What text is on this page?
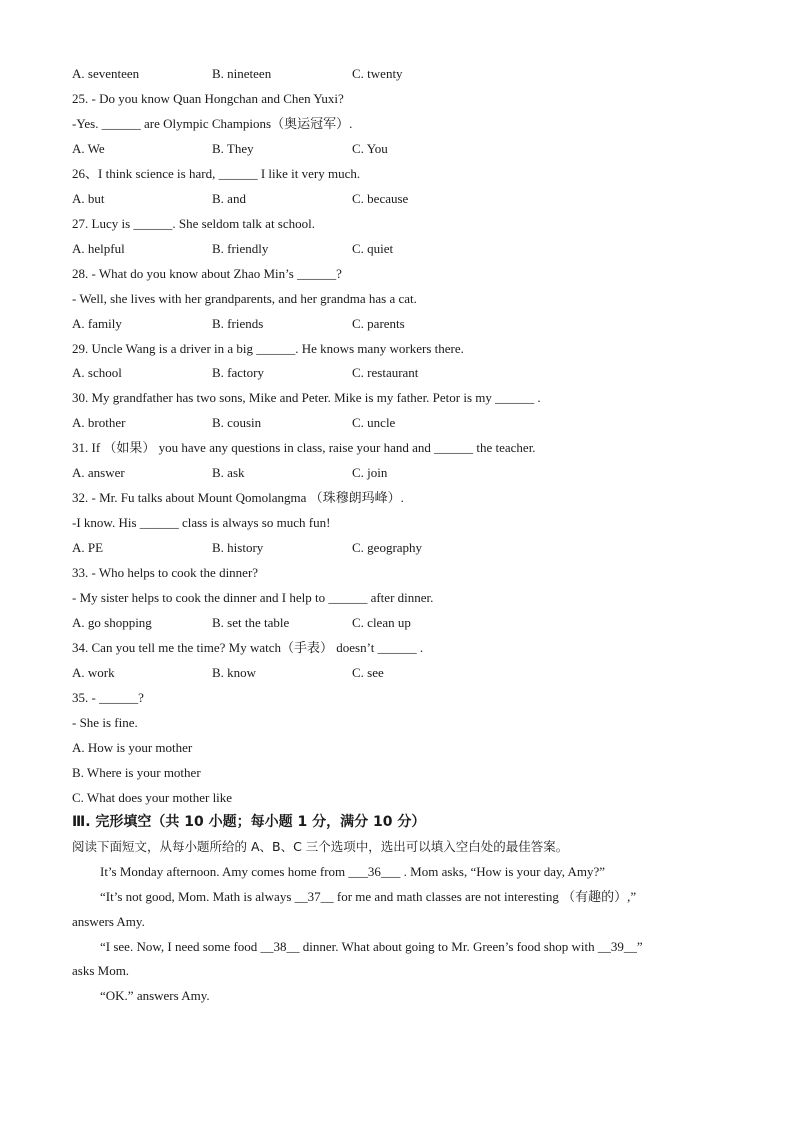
A. seventeen	B. nineteen	C. twenty
25. - Do you know Quan Hongchan and Chen Yuxi?
-Yes. ______ are Olympic Champions（奥运冠军）.
A. We	B. They	C. You
26、I think science is hard, ______ I like it very much.
A. but	B. and	C. because
27. Lucy is ______. She seldom talk at school.
A. helpful	B. friendly	C. quiet
28. - What do you know about Zhao Min’s ______?
- Well, she lives with her grandparents, and her grandma has a cat.
A. family	B. friends	C. parents
29. Uncle Wang is a driver in a big ______. He knows many workers there.
A. school	B. factory	C. restaurant
30. My grandfather has two sons, Mike and Peter. Mike is my father. Petor is my ______ .
A. brother	B. cousin	C. uncle
31. If （如果） you have any questions in class, raise your hand and ______ the teacher.
A. answer	B. ask	C. join
32. - Mr. Fu talks about Mount Qomolangma （珠穆朗玛峰）.
-I know. His ______ class is always so much fun!
A. PE	B. history	C. geography
33. - Who helps to cook the dinner?
- My sister helps to cook the dinner and I help to ______ after dinner.
A. go shopping	B. set the table	C. clean up
34. Can you tell me the time? My watch（手表） doesn’t ______ .
A. work	B. know	C. see
35. - ______?
- She is fine.
A. How is your mother
B. Where is your mother
C. What does your mother like
Ⅲ. 完形填空（共 10 小题；每小题 1 分，满分 10 分）
阅读下面短文，从每小题所给的 A、B、C 三个选项中，选出可以填入空白处的最佳答案。
It’s Monday afternoon. Amy comes home from ___36___ . Mom asks, “How is your day, Amy?”
“It’s not good, Mom. Math is always __37__ for me and math classes are not interesting （有趣的）,”
answers Amy.
“I see. Now, I need some food __38__ dinner. What about going to Mr. Green’s food shop with __39__”
asks Mom.
“OK.” answers Amy.
